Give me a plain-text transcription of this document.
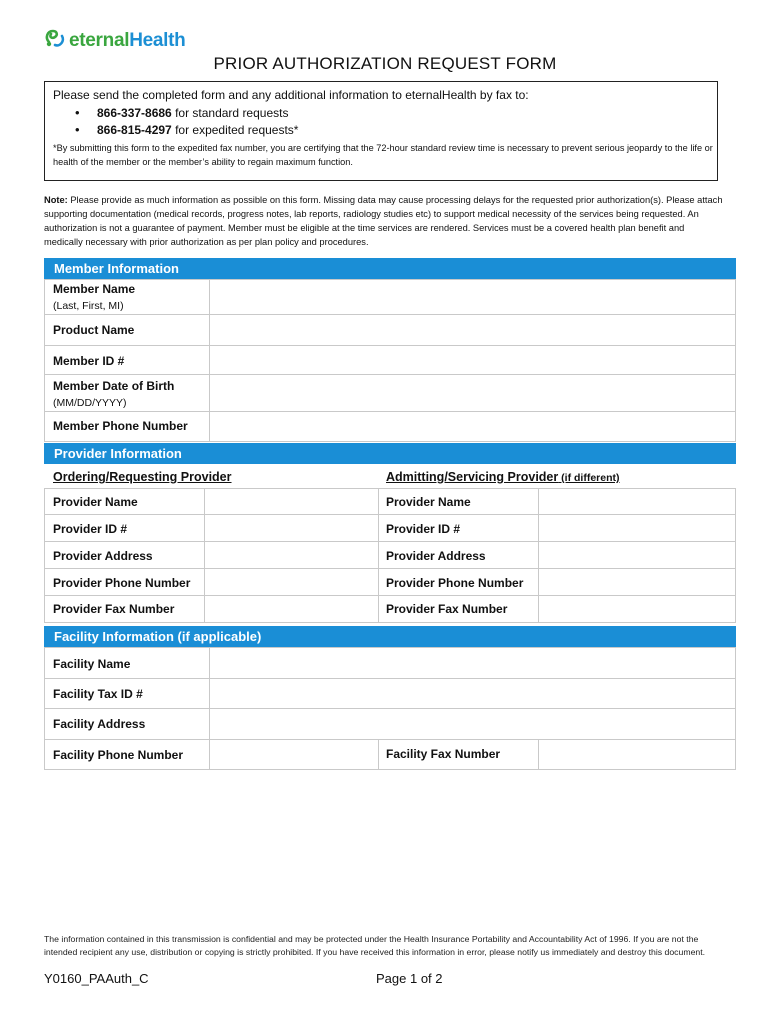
eternalHealth
PRIOR AUTHORIZATION REQUEST FORM

Please send the completed form and any additional information to eternalHealth by fax to:

• 866-337-8686 for standard requests
• 866-815-4297 for expedited requests*

*By submitting this form to the expedited fax number, you are certifying that the 72-hour standard review time is necessary to prevent serious jeopardy to the life or health of the member or the member’s ability to regain maximum function.

Note: Please provide as much information as possible on this form. Missing data may cause processing delays for the requested prior authorization(s). Please attach supporting documentation (medical records, progress notes, lab reports, radiology studies etc) to support medical necessity of the services being requested. An authorization is not a guarantee of payment. Member must be eligible at the time services are rendered. Services must be a covered health plan benefit and medically necessary with prior authorization as per plan policy and procedures.
Member Information
Member Name
(Last, First, MI)
Product Name
Member ID #
Member Date of Birth
(MM/DD/YYYY)
Member Phone Number
Provider Information
Ordering/Requesting Provider	Admitting/Servicing Provider (if different)
Provider Name	Provider Name
Provider ID #	Provider ID #
Provider Address	Provider Address
Provider Phone Number	Provider Phone Number
Provider Fax Number	Provider Fax Number
Facility Information (if applicable)
Facility Name
Facility Tax ID #
Facility Address
Facility Phone Number	Facility Fax Number
The information contained in this transmission is confidential and may be protected under the Health Insurance Portability and Accountability Act of 1996. If you are not the intended recipient any use, distribution or copying is strictly prohibited. If you have received this information in error, please notify us immediately and destroy this document.
Y0160_PAAuth_C	Page 1 of 2
